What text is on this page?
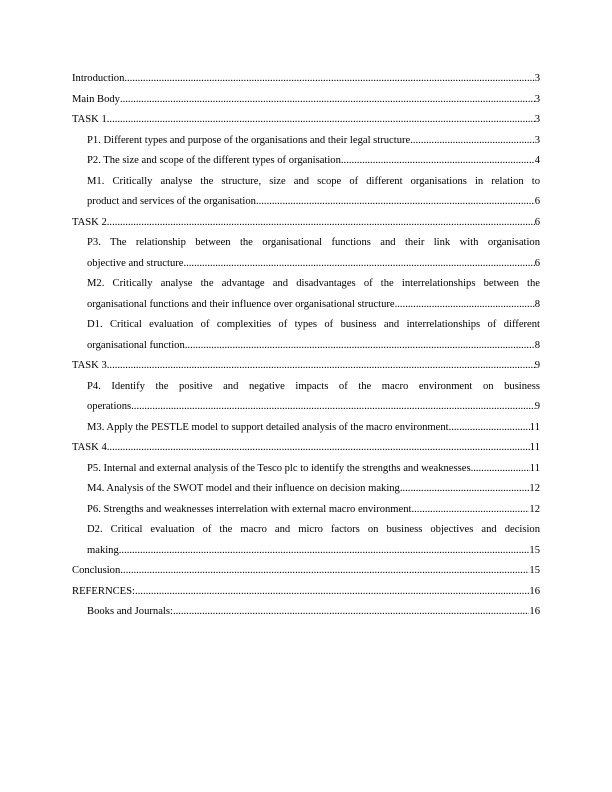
Introduction .....	3
Main Body .....	3
TASK 1 .....	3
P1. Different types and purpose of the organisations and their legal structure .....	3
P2. The size and scope of the different types of organisation .....	4
M1. Critically analyse the structure, size and scope of different organisations in relation to
product and services of the organisation .....	6
TASK 2 .....	6
P3. The relationship between the organisational functions and their link with organisation
objective and structure .....	6
M2. Critically analyse the advantage and disadvantages of the interrelationships between the
organisational functions and their influence over organisational structure .....	8
D1. Critical evaluation of complexities of types of business and interrelationships of different
organisational function .....	8
TASK 3 .....	9
P4. Identify the positive and negative impacts of the macro environment on business
operations .....	9
M3. Apply the PESTLE model to support detailed analysis of the macro environment .....	11
TASK 4 .....	11
P5. Internal and external analysis of the Tesco plc to identify the strengths and weaknesses .....	11
M4. Analysis of the SWOT model and their influence on decision making .....	12
P6. Strengths and weaknesses interrelation with external macro environment .....	12
D2. Critical evaluation of the macro and micro factors on business objectives and decision
making .....	15
Conclusion .....	15
REFERNCES: .....	16
Books and Journals: .....	16
